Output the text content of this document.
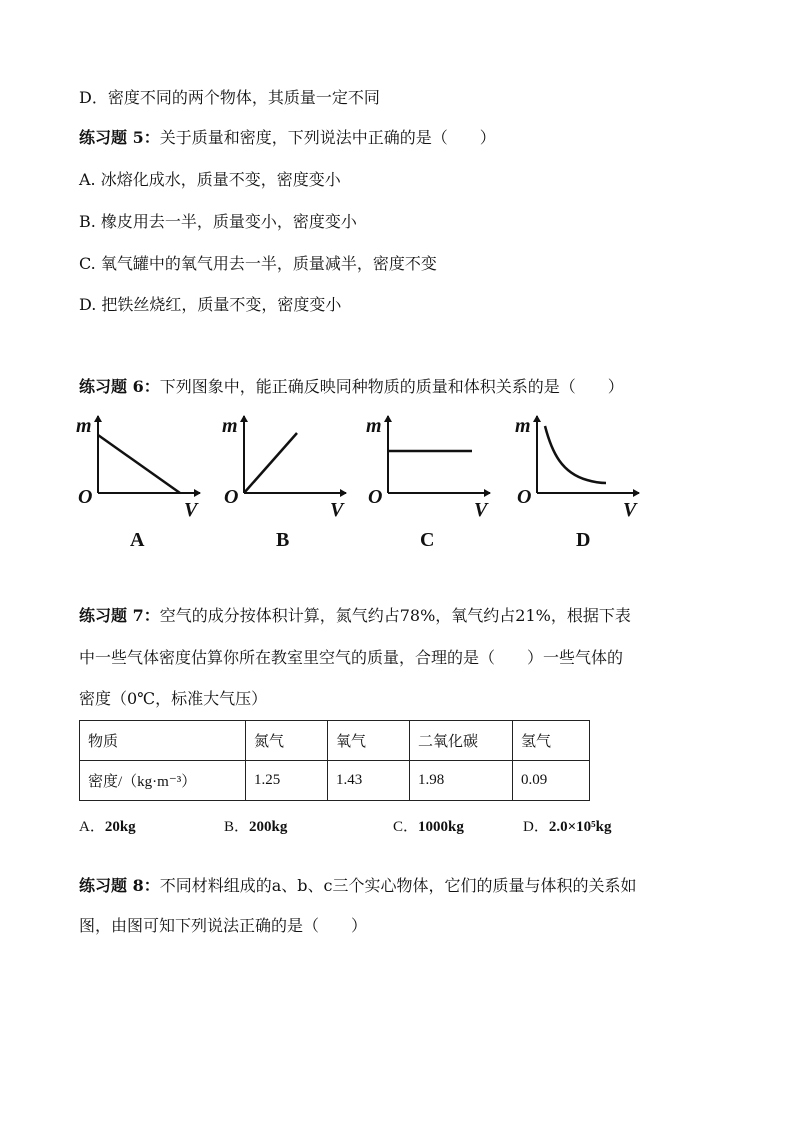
D．密度不同的两个物体，其质量一定不同
练习题 5：关于质量和密度，下列说法中正确的是（　　）
A. 冰熔化成水，质量不变，密度变小
B. 橡皮用去一半，质量变小，密度变小
C. 氧气罐中的氧气用去一半，质量减半，密度不变
D. 把铁丝烧红，质量不变，密度变小
练习题 6：下列图象中，能正确反映同种物质的质量和体积关系的是（　　）
m
O
V
A
m
O
V
B
m
O
V
C
m
O
V
D
练习题 7：空气的成分按体积计算，氮气约占78%，氧气约占21%，根据下表
中一些气体密度估算你所在教室里空气的质量，合理的是（　　）一些气体的
密度（0℃，标准大气压）
物质	氮气	氧气	二氧化碳	氢气
密度/（kg·m⁻³）	1.25	1.43	1.98	0.09
A．20kg	B．200kg	C．1000kg	D．2.0×10⁵kg
练习题 8：不同材料组成的a、b、c三个实心物体，它们的质量与体积的关系如
图，由图可知下列说法正确的是（　　）
